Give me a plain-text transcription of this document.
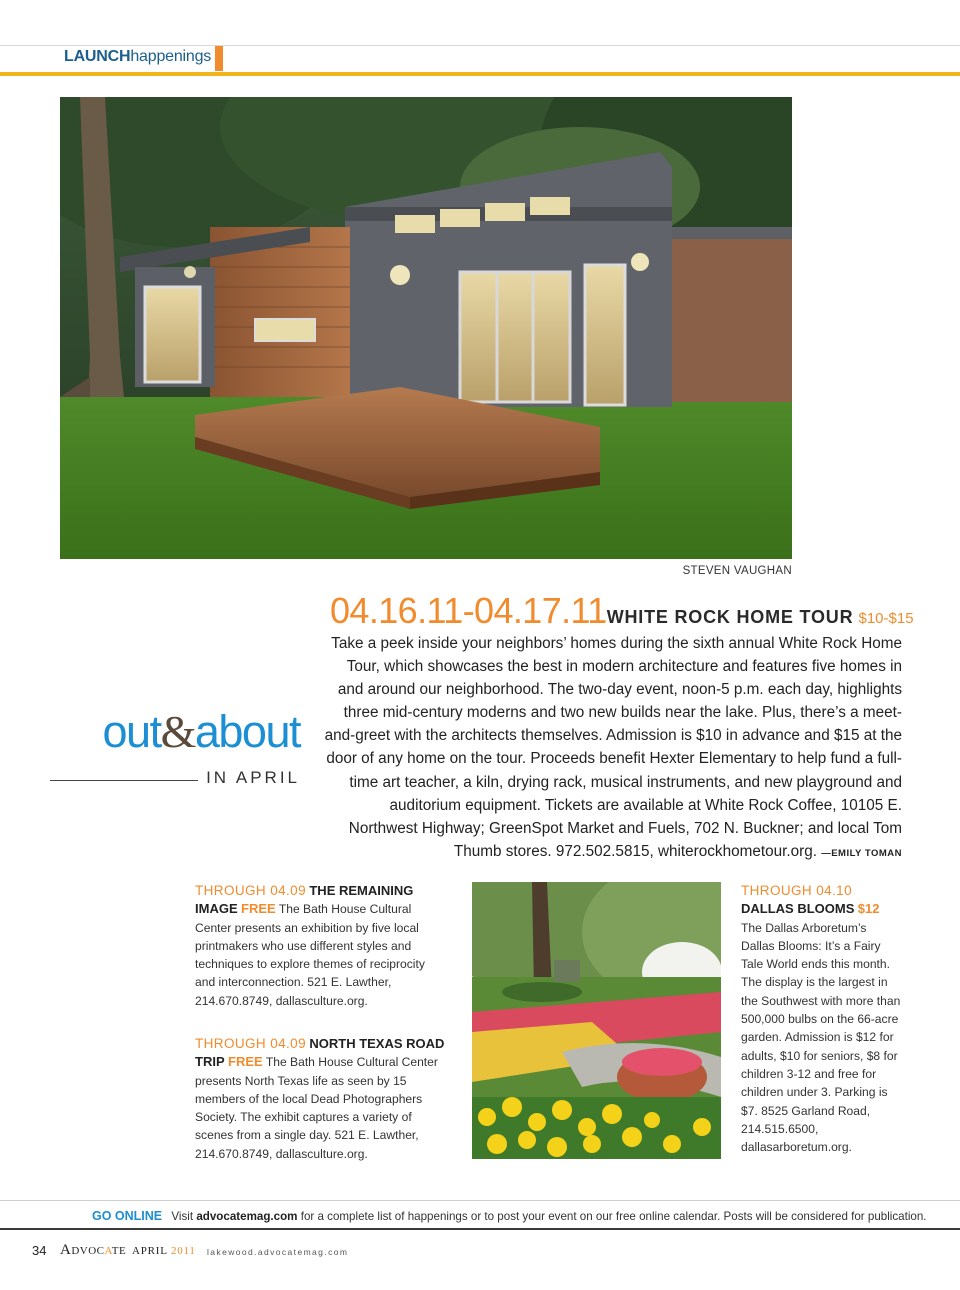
LAUNCHhappenings
STEVEN VAUGHAN
04.16.11-04.17.11WHITE ROCK HOME TOUR $10-$15
Take a peek inside your neighbors’ homes during the sixth annual White Rock Home Tour, which showcases the best in modern architecture and features five homes in and around our neighborhood. The two-day event, noon-5 p.m. each day, highlights three mid-century moderns and two new builds near the lake. Plus, there’s a meet-and-greet with the architects themselves. Admission is $10 in advance and $15 at the door of any home on the tour. Proceeds benefit Hexter Elementary to help fund a full-time art teacher, a kiln, drying rack, musical instruments, and new playground and auditorium equipment. Tickets are available at White Rock Coffee, 10105 E. Northwest Highway; GreenSpot Market and Fuels, 702 N. Buckner; and local Tom Thumb stores. 972.502.5815, whiterockhometour.org. —EMILY TOMAN
out&about
IN APRIL
THROUGH 04.09 THE REMAINING IMAGE FREE The Bath House Cultural Center presents an exhibition by five local printmakers who use different styles and techniques to explore themes of reciprocity and interconnection. 521 E. Lawther, 214.670.8749, dallasculture.org.
THROUGH 04.09 NORTH TEXAS ROAD TRIP FREE The Bath House Cultural Center presents North Texas life as seen by 15 members of the local Dead Photographers Society. The exhibit captures a variety of scenes from a single day. 521 E. Lawther, 214.670.8749, dallasculture.org.
THROUGH 04.10
DALLAS BLOOMS $12 The Dallas Arboretum’s Dallas Blooms: It’s a Fairy Tale World ends this month. The display is the largest in the Southwest with more than 500,000 bulbs on the 66-acre garden. Admission is $12 for adults, $10 for seniors, $8 for children 3-12 and free for children under 3. Parking is $7. 8525 Garland Road, 214.515.6500, dallasarboretum.org.
GO ONLINE Visit advocatemag.com for a complete list of happenings or to post your event on our free online calendar. Posts will be considered for publication.
34 Advocate APRIL 2011 lakewood.advocatemag.com
